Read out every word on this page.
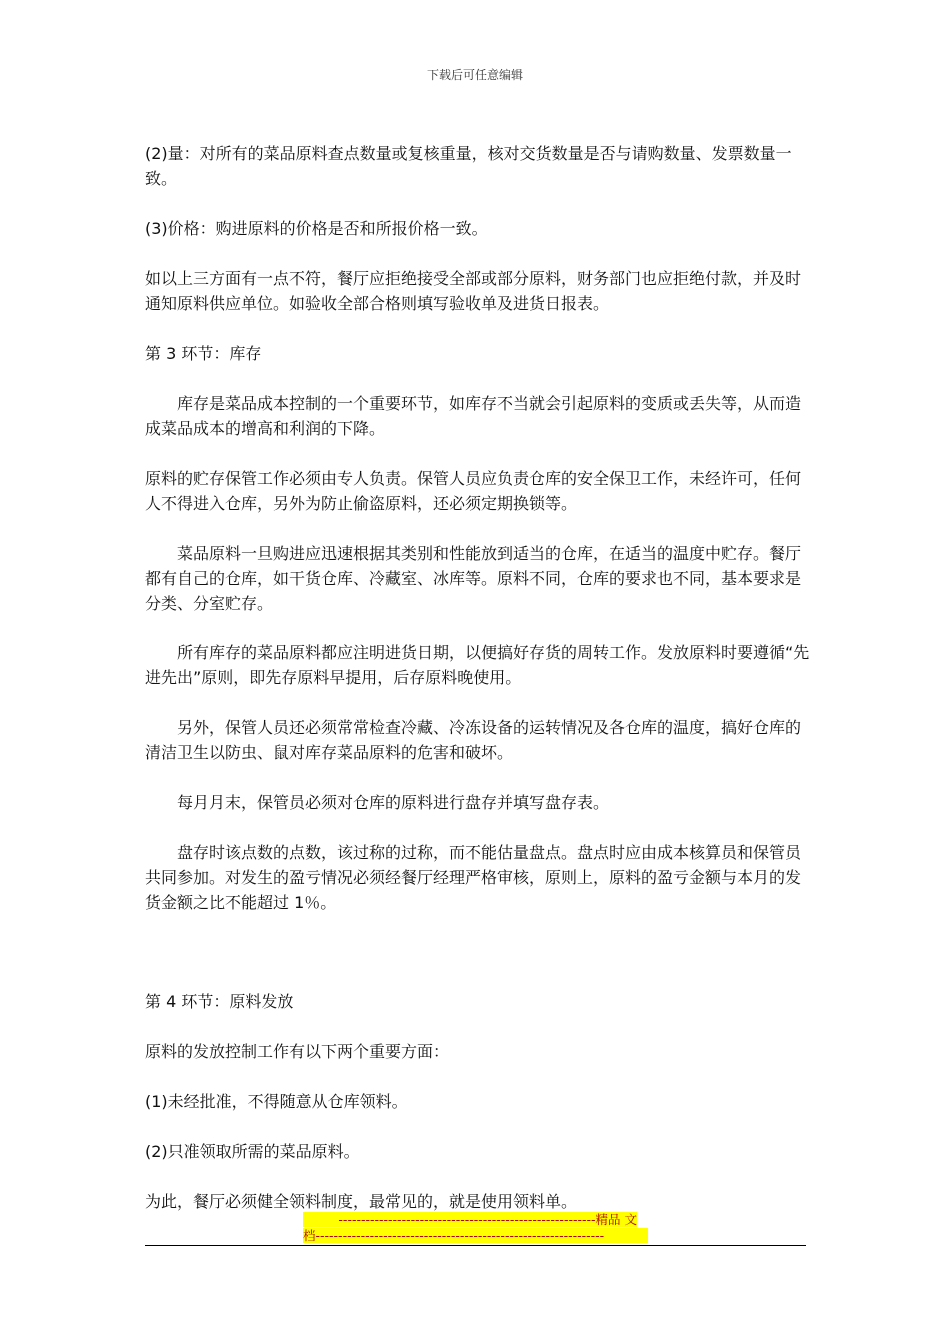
下载后可任意编辑
(2)量：对所有的菜品原料查点数量或复核重量，核对交货数量是否与请购数量、发票数量一致。
(3)价格：购进原料的价格是否和所报价格一致。
如以上三方面有一点不符，餐厅应拒绝接受全部或部分原料，财务部门也应拒绝付款，并及时通知原料供应单位。如验收全部合格则填写验收单及进货日报表。
第 3 环节：库存
　　库存是菜品成本控制的一个重要环节，如库存不当就会引起原料的变质或丢失等，从而造成菜品成本的增高和利润的下降。
原料的贮存保管工作必须由专人负责。保管人员应负责仓库的安全保卫工作，未经许可，任何人不得进入仓库，另外为防止偷盗原料，还必须定期换锁等。
　　菜品原料一旦购进应迅速根据其类别和性能放到适当的仓库，在适当的温度中贮存。餐厅都有自己的仓库，如干货仓库、冷藏室、冰库等。原料不同，仓库的要求也不同，基本要求是分类、分室贮存。
　　所有库存的菜品原料都应注明进货日期，以便搞好存货的周转工作。发放原料时要遵循“先进先出”原则，即先存原料早提用，后存原料晚使用。
　　另外，保管人员还必须常常检查冷藏、冷冻设备的运转情况及各仓库的温度，搞好仓库的清洁卫生以防虫、鼠对库存菜品原料的危害和破坏。
　　每月月末，保管员必须对仓库的原料进行盘存并填写盘存表。
　　盘存时该点数的点数，该过称的过称，而不能估量盘点。盘点时应由成本核算员和保管员共同参加。对发生的盈亏情况必须经餐厅经理严格审核，原则上，原料的盈亏金额与本月的发货金额之比不能超过 1％。
第 4 环节：原料发放
原料的发放控制工作有以下两个重要方面：
(1)未经批准，不得随意从仓库领料。
(2)只准领取所需的菜品原料。
为此，餐厅必须健全领料制度，最常见的，就是使用领料单。
---------------------------------------------------------精品 文
档----------------------------------------------------------------
